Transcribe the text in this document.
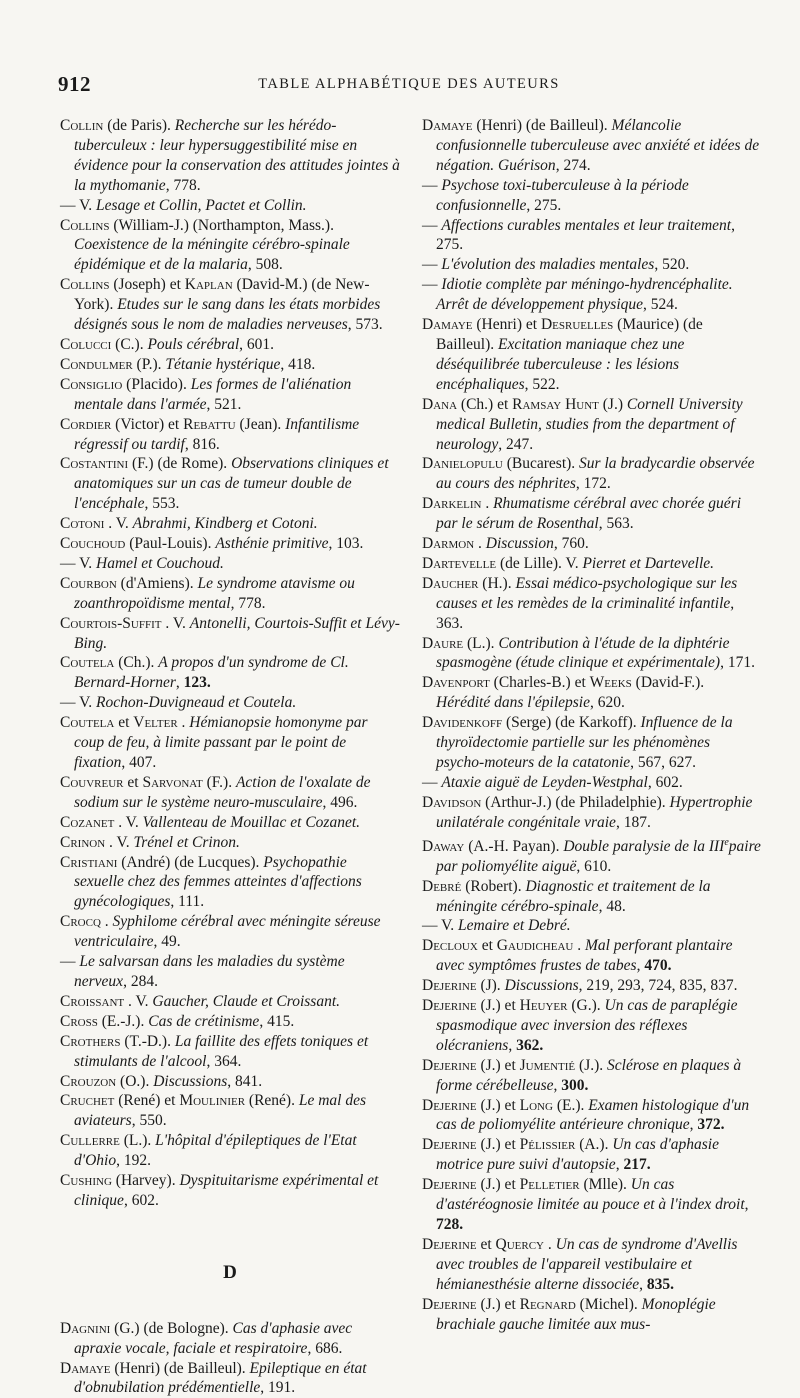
912	TABLE ALPHABÉTIQUE DES AUTEURS

Collin (de Paris). Recherche sur les hérédo-tuberculeux : leur hypersuggestibilité mise en évidence pour la conservation des attitudes jointes à la mythomanie, 778.

— V. Lesage et Collin, Pactet et Collin.

Collins (William-J.) (Northampton, Mass.). Coexistence de la méningite cérébro-spinale épidémique et de la malaria, 508.

Collins (Joseph) et Kaplan (David-M.) (de New-York). Etudes sur le sang dans les états morbides désignés sous le nom de maladies nerveuses, 573.

Colucci (C.). Pouls cérébral, 601.

Condulmer (P.). Tétanie hystérique, 418.

Consiglio (Placido). Les formes de l'aliénation mentale dans l'armée, 521.

Cordier (Victor) et Rebattu (Jean). Infantilisme régressif ou tardif, 816.

Costantini (F.) (de Rome). Observations cliniques et anatomiques sur un cas de tumeur double de l'encéphale, 553.

Cotoni . V. Abrahmi, Kindberg et Cotoni.

Couchoud (Paul-Louis). Asthénie primitive, 103.

— V. Hamel et Couchoud.

Courbon (d'Amiens). Le syndrome atavisme ou zoanthropoïdisme mental, 778.

Courtois-Suffit . V. Antonelli, Courtois-Suffit et Lévy-Bing.

Coutela (Ch.). A propos d'un syndrome de Cl. Bernard-Horner, 123.

— V. Rochon-Duvigneaud et Coutela.

Coutela et Velter . Hémianopsie homonyme par coup de feu, à limite passant par le point de fixation, 407.

Couvreur et Sarvonat (F.). Action de l'oxalate de sodium sur le système neuro-musculaire, 496.

Cozanet . V. Vallenteau de Mouillac et Cozanet.

Crinon . V. Trénel et Crinon.

Cristiani (André) (de Lucques). Psychopathie sexuelle chez des femmes atteintes d'affections gynécologiques, 111.

Crocq . Syphilome cérébral avec méningite séreuse ventriculaire, 49.

— Le salvarsan dans les maladies du système nerveux, 284.

Croissant . V. Gaucher, Claude et Croissant.

Cross (E.-J.). Cas de crétinisme, 415.

Crothers (T.-D.). La faillite des effets toniques et stimulants de l'alcool, 364.

Crouzon (O.). Discussions, 841.

Cruchet (René) et Moulinier (René). Le mal des aviateurs, 550.

Cullerre (L.). L'hôpital d'épileptiques de l'Etat d'Ohio, 192.

Cushing (Harvey). Dyspituitarisme expérimental et clinique, 602.

D

Dagnini (G.) (de Bologne). Cas d'aphasie avec apraxie vocale, faciale et respiratoire, 686.

Damaye (Henri) (de Bailleul). Epileptique en état d'obnubilation prédémentielle, 191.

Damaye (Henri) (de Bailleul). Mélancolie confusionnelle tuberculeuse avec anxiété et idées de négation. Guérison, 274.

— Psychose toxi-tuberculeuse à la période confusionnelle, 275.

— Affections curables mentales et leur traitement, 275.

— L'évolution des maladies mentales, 520.

— Idiotie complète par méningo-hydrencéphalite. Arrêt de développement physique, 524.

Damaye (Henri) et Desruelles (Maurice) (de Bailleul). Excitation maniaque chez une déséquilibrée tuberculeuse : les lésions encéphaliques, 522.

Dana (Ch.) et Ramsay Hunt (J.) Cornell University medical Bulletin, studies from the department of neurology, 247.

Danielopulu (Bucarest). Sur la bradycardie observée au cours des néphrites, 172.

Darkelin . Rhumatisme cérébral avec chorée guéri par le sérum de Rosenthal, 563.

Darmon . Discussion, 760.

Dartevelle (de Lille). V. Pierret et Dartevelle.

Daucher (H.). Essai médico-psychologique sur les causes et les remèdes de la criminalité infantile, 363.

Daure (L.). Contribution à l'étude de la diphtérie spasmogène (étude clinique et expérimentale), 171.

Davenport (Charles-B.) et Weeks (David-F.). Hérédité dans l'épilepsie, 620.

Davidenkoff (Serge) (de Karkoff). Influence de la thyroïdectomie partielle sur les phénomènes psycho-moteurs de la catatonie, 567, 627.

— Ataxie aiguë de Leyden-Westphal, 602.

Davidson (Arthur-J.) (de Philadelphie). Hypertrophie unilatérale congénitale vraie, 187.

Daway (A.-H. Payan). Double paralysie de la IIIepaire par poliomyélite aiguë, 610.

Debré (Robert). Diagnostic et traitement de la méningite cérébro-spinale, 48.

— V. Lemaire et Debré.

Decloux et Gaudicheau . Mal perforant plantaire avec symptômes frustes de tabes, 470.

Dejerine (J). Discussions, 219, 293, 724, 835, 837.

Dejerine (J.) et Heuyer (G.). Un cas de paraplégie spasmodique avec inversion des réflexes olécraniens, 362.

Dejerine (J.) et Jumentié (J.). Sclérose en plaques à forme cérébelleuse, 300.

Dejerine (J.) et Long (E.). Examen histologique d'un cas de poliomyélite antérieure chronique, 372.

Dejerine (J.) et Pélissier (A.). Un cas d'aphasie motrice pure suivi d'autopsie, 217.

Dejerine (J.) et Pelletier (Mlle). Un cas d'astéréognosie limitée au pouce et à l'index droit, 728.

Dejerine et Quercy . Un cas de syndrome d'Avellis avec troubles de l'appareil vestibulaire et hémianesthésie alterne dissociée, 835.

Dejerine (J.) et Regnard (Michel). Monoplégie brachiale gauche limitée aux mus-
